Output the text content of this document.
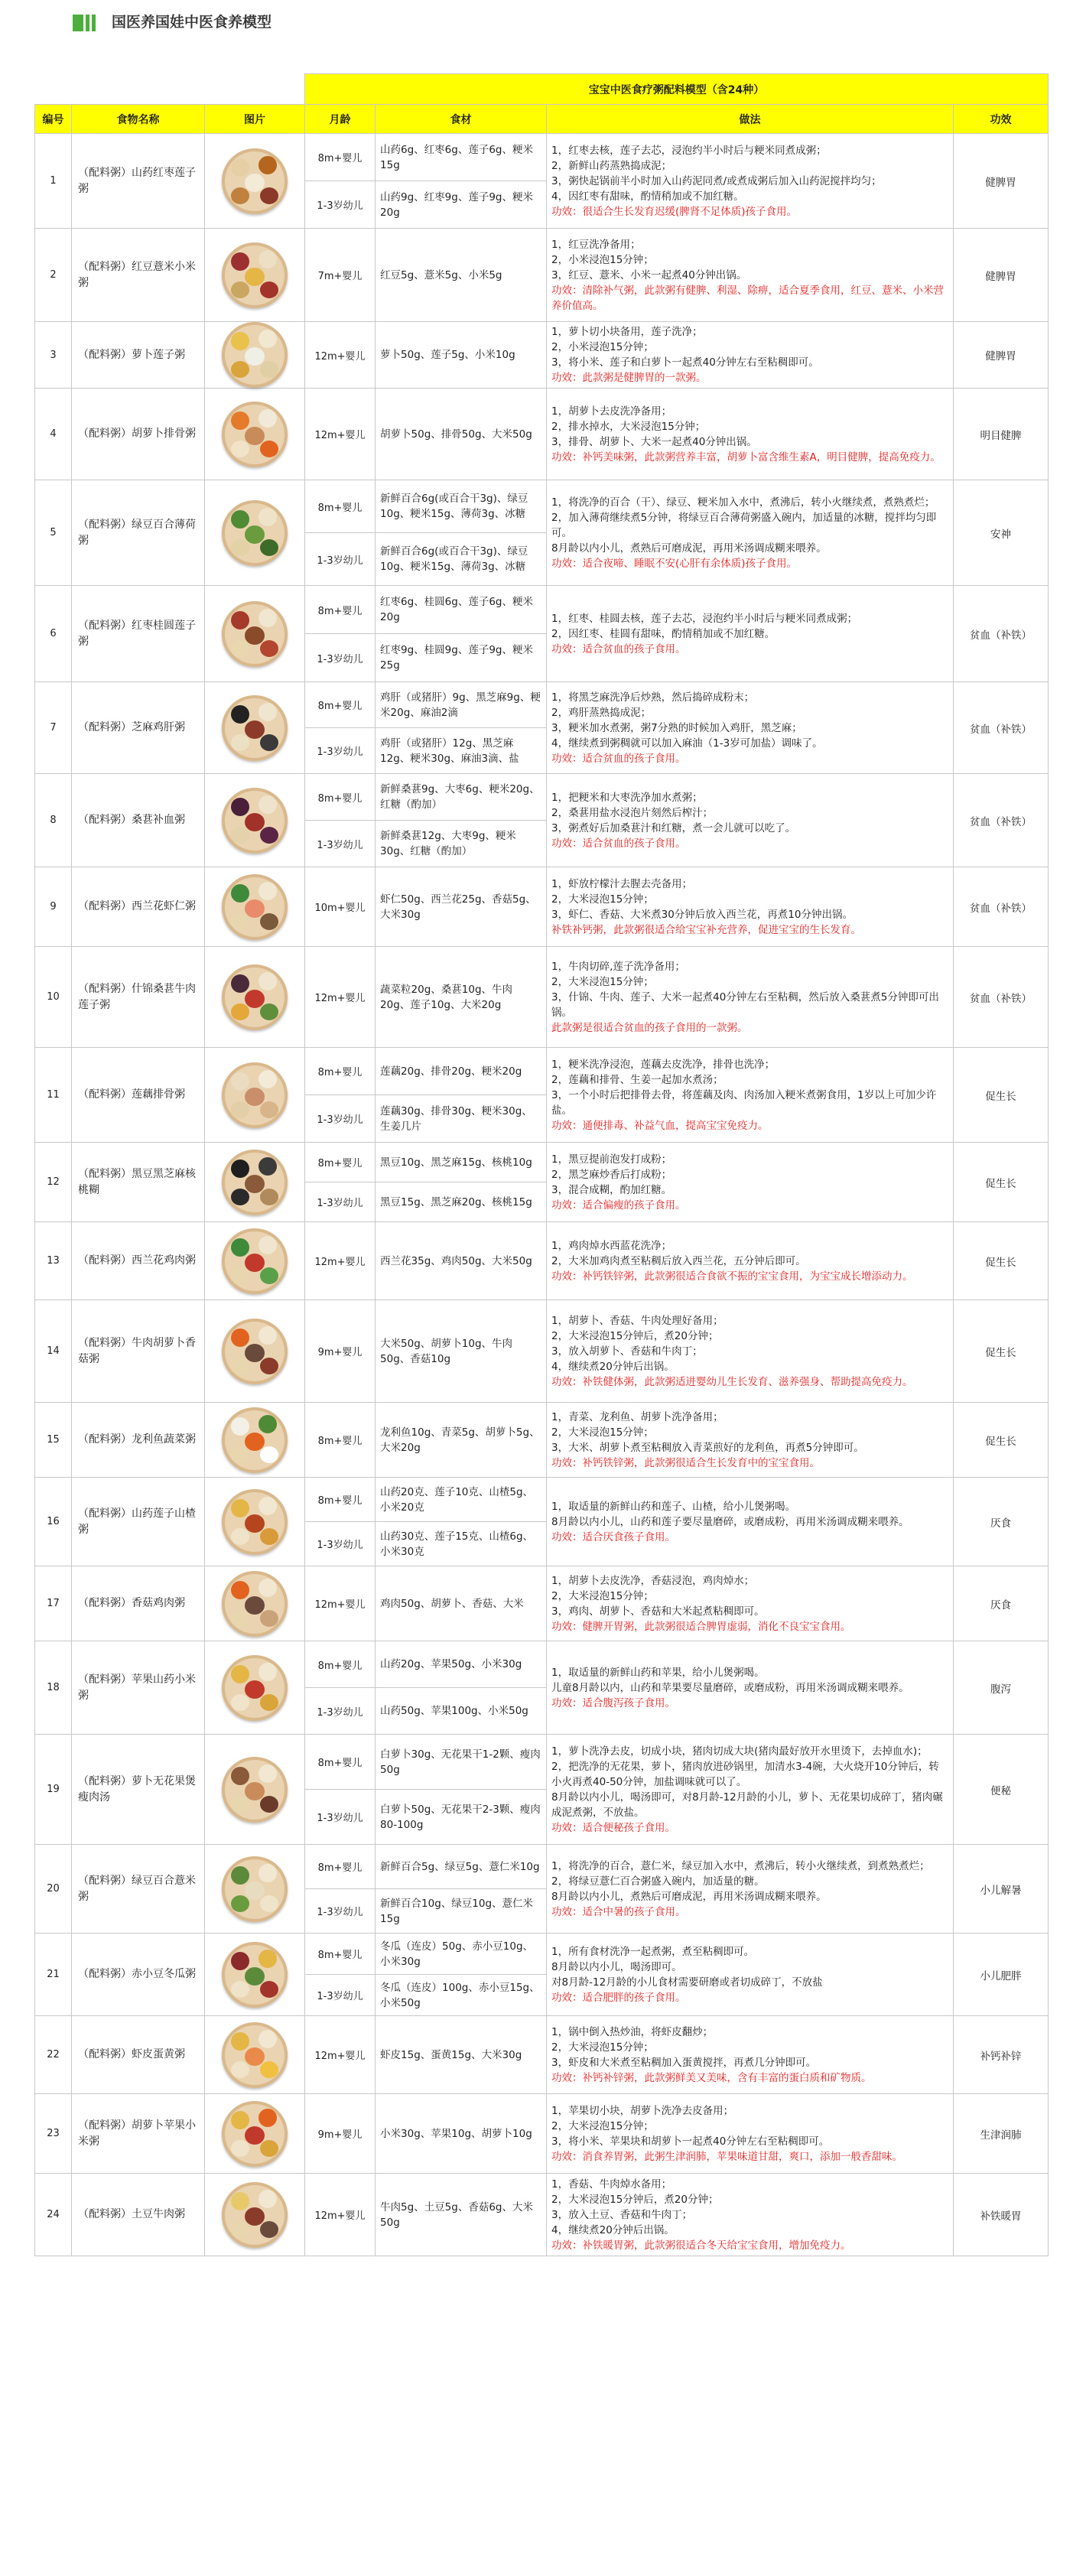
国医养国娃中医食养模型
			宝宝中医食疗粥配料模型（含24种）			
编号	食物名称	图片	月龄	食材	做法	功效
1	（配料粥）山药红枣莲子粥		8m+婴儿	山药6g、红枣6g、莲子6g、粳米15g	1，红枣去核，莲子去芯，浸泡约半小时后与粳米同煮成粥；
2，新鲜山药蒸熟捣成泥；
3，粥快起锅前半小时加入山药泥同煮/或煮成粥后加入山药泥搅拌均匀；
4，因红枣有甜味，酌情稍加或不加红糖。
功效：很适合生长发育迟缓(脾肾不足体质)孩子食用。	健脾胃
			1-3岁幼儿	山药9g、红枣9g、莲子9g、粳米20g		
2	（配料粥）红豆薏米小米粥		7m+婴儿	红豆5g、薏米5g、小米5g	1，红豆洗净备用；
2，小米浸泡15分钟；
3，红豆、薏米、小米一起煮40分钟出锅。
功效：清除补气粥，此款粥有健脾、利湿、除痹，适合夏季食用，红豆、薏米、小米营养价值高。	健脾胃
3	（配料粥）萝卜莲子粥		12m+婴儿	萝卜50g、莲子5g、小米10g	1，萝卜切小块备用，莲子洗净；
2，小米浸泡15分钟；
3，将小米、莲子和白萝卜一起煮40分钟左右至粘稠即可。
功效：此款粥是健脾胃的一款粥。	健脾胃
4	（配料粥）胡萝卜排骨粥		12m+婴儿	胡萝卜50g、排骨50g、大米50g	1，胡萝卜去皮洗净备用；
2，排水掉水，大米浸泡15分钟；
3，排骨、胡萝卜、大米一起煮40分钟出锅。
功效：补钙美味粥，此款粥营养丰富，胡萝卜富含维生素A，明目健脾，提高免疫力。	明目健脾
5	（配料粥）绿豆百合薄荷粥		8m+婴儿	新鲜百合6g(或百合干3g)、绿豆10g、粳米15g、薄荷3g、冰糖	1，将洗净的百合（干）、绿豆、粳米加入水中，煮沸后，转小火继续煮，煮熟煮烂；
2，加入薄荷继续煮5分钟，将绿豆百合薄荷粥盛入碗内，加适量的冰糖，搅拌均匀即可。
8月龄以内小儿，煮熟后可磨成泥，再用米汤调成糊来喂养。
功效：适合夜啼、睡眠不安(心肝有余体质)孩子食用。	安神
			1-3岁幼儿	新鲜百合6g(或百合干3g)、绿豆10g、粳米15g、薄荷3g、冰糖		
6	（配料粥）红枣桂圆莲子粥		8m+婴儿	红枣6g、桂圆6g、莲子6g、粳米20g	1，红枣、桂圆去核，莲子去芯，浸泡约半小时后与粳米同煮成粥；
2，因红枣、桂圆有甜味，酌情稍加或不加红糖。
功效：适合贫血的孩子食用。	贫血（补铁）
			1-3岁幼儿	红枣9g、桂圆9g、莲子9g、粳米25g		
7	（配料粥）芝麻鸡肝粥		8m+婴儿	鸡肝（或猪肝）9g、黑芝麻9g、粳米20g、麻油2滴	1，将黑芝麻洗净后炒熟，然后捣碎成粉末；
2，鸡肝蒸熟捣成泥；
3，粳米加水煮粥，粥7分熟的时候加入鸡肝，黑芝麻；
4，继续煮到粥稠就可以加入麻油（1-3岁可加盐）调味了。
功效：适合贫血的孩子食用。	贫血（补铁）
			1-3岁幼儿	鸡肝（或猪肝）12g、黑芝麻12g、粳米30g、麻油3滴、盐		
8	（配料粥）桑葚补血粥		8m+婴儿	新鲜桑葚9g、大枣6g、粳米20g、红糖（酌加）	1，把粳米和大枣洗净加水煮粥；
2，桑葚用盐水浸泡片刻然后榨汁；
3，粥煮好后加桑葚汁和红糖，煮一会儿就可以吃了。
功效：适合贫血的孩子食用。	贫血（补铁）
			1-3岁幼儿	新鲜桑葚12g、大枣9g、粳米30g、红糖（酌加）		
9	（配料粥）西兰花虾仁粥		10m+婴儿	虾仁50g、西兰花25g、香菇5g、大米30g	1，虾放柠檬汁去腥去壳备用；
2，大米浸泡15分钟；
3，虾仁、香菇、大米煮30分钟后放入西兰花，再煮10分钟出锅。
补铁补钙粥，此款粥很适合给宝宝补充营养，促进宝宝的生长发育。	贫血（补铁）
10	（配料粥）什锦桑葚牛肉莲子粥		12m+婴儿	蔬菜粒20g、桑葚10g、牛肉20g、莲子10g、大米20g	1，牛肉切碎,莲子洗净备用；
2，大米浸泡15分钟；
3，什锦、牛肉、莲子、大米一起煮40分钟左右至粘稠，然后放入桑葚煮5分钟即可出锅。
此款粥是很适合贫血的孩子食用的一款粥。	贫血（补铁）
11	（配料粥）莲藕排骨粥		8m+婴儿	莲藕20g、排骨20g、粳米20g	1，粳米洗净浸泡，莲藕去皮洗净，排骨也洗净；
2，莲藕和排骨、生姜一起加水煮汤；
3，一个小时后把排骨去骨，将莲藕及肉、肉汤加入粳米煮粥食用，1岁以上可加少许盐。
功效：通便排毒、补益气血，提高宝宝免疫力。	促生长
			1-3岁幼儿	莲藕30g、排骨30g、粳米30g、生姜几片		
12	（配料粥）黑豆黑芝麻核桃糊		8m+婴儿	黑豆10g、黑芝麻15g、核桃10g	1，黑豆提前泡发打成粉；
2，黑芝麻炒香后打成粉；
3，混合成糊，酌加红糖。
功效：适合偏瘦的孩子食用。	促生长
			1-3岁幼儿	黑豆15g、黑芝麻20g、核桃15g		
13	（配料粥）西兰花鸡肉粥		12m+婴儿	西兰花35g、鸡肉50g、大米50g	1，鸡肉焯水西蓝花洗净；
2，大米加鸡肉煮至粘稠后放入西兰花，五分钟后即可。
功效：补钙铁锌粥，此款粥很适合食欲不振的宝宝食用，为宝宝成长增添动力。	促生长
14	（配料粥）牛肉胡萝卜香菇粥		9m+婴儿	大米50g、胡萝卜10g、牛肉50g、香菇10g	1，胡萝卜、香菇、牛肉处理好备用；
2，大米浸泡15分钟后，煮20分钟；
3，放入胡萝卜、香菇和牛肉丁；
4，继续煮20分钟后出锅。
功效：补铁健体粥，此款粥适进婴幼儿生长发育、滋养强身、帮助提高免疫力。	促生长
15	（配料粥）龙利鱼蔬菜粥		8m+婴儿	龙利鱼10g、青菜5g、胡萝卜5g、大米20g	1，青菜、龙利鱼、胡萝卜洗净备用；
2，大米浸泡15分钟；
3，大米、胡萝卜煮至粘稠放入青菜煎好的龙利鱼，再煮5分钟即可。
功效：补钙铁锌粥，此款粥很适合生长发育中的宝宝食用。	促生长
16	（配料粥）山药莲子山楂粥		8m+婴儿	山药20克、莲子10克、山楂5g、小米20克	1，取适量的新鲜山药和莲子、山楂，给小儿煲粥喝。
8月龄以内小儿，山药和莲子要尽量磨碎，或磨成粉，再用米汤调成糊来喂养。
功效：适合厌食孩子食用。	厌食
			1-3岁幼儿	山药30克、莲子15克、山楂6g、小米30克		
17	（配料粥）香菇鸡肉粥		12m+婴儿	鸡肉50g、胡萝卜、香菇、大米	1，胡萝卜去皮洗净，香菇浸泡，鸡肉焯水；
2，大米浸泡15分钟；
3，鸡肉、胡萝卜、香菇和大米起煮粘稠即可。
功效：健脾开胃粥，此款粥很适合脾胃虚弱，消化不良宝宝食用。	厌食
18	（配料粥）苹果山药小米粥		8m+婴儿	山药20g、苹果50g、小米30g	1，取适量的新鲜山药和苹果，给小儿煲粥喝。
儿童8月龄以内，山药和苹果要尽量磨碎，或磨成粉，再用米汤调成糊来喂养。
功效：适合腹泻孩子食用。	腹泻
			1-3岁幼儿	山药50g、苹果100g、小米50g		
19	（配料粥）萝卜无花果煲瘦肉汤		8m+婴儿	白萝卜30g、无花果干1-2颗、瘦肉50g	1，萝卜洗净去皮，切成小块，猪肉切成大块(猪肉最好放开水里烫下，去掉血水)；
2，把洗净的无花果，萝卜，猪肉放进砂锅里，加清水3-4碗，大火烧开10分钟后，转小火再煮40-50分钟，加盐调味就可以了。
8月龄以内小儿，喝汤即可，对8月龄-12月龄的小儿，萝卜、无花果切成碎丁，猪肉碾成泥煮粥，不放盐。
功效：适合便秘孩子食用。	便秘
			1-3岁幼儿	白萝卜50g、无花果干2-3颗、瘦肉80-100g		
20	（配料粥）绿豆百合薏米粥		8m+婴儿	新鲜百合5g、绿豆5g、薏仁米10g	1，将洗净的百合，薏仁米，绿豆加入水中，煮沸后，转小火继续煮，到煮熟煮烂；
2，将绿豆薏仁百合粥盛入碗内，加适量的糖。
8月龄以内小儿，煮熟后可磨成泥，再用米汤调成糊来喂养。
功效：适合中暑的孩子食用。	小儿解暑
			1-3岁幼儿	新鲜百合10g、绿豆10g、薏仁米15g		
21	（配料粥）赤小豆冬瓜粥		8m+婴儿	冬瓜（连皮）50g、赤小豆10g、小米30g	1，所有食材洗净一起煮粥，煮至粘稠即可。
8月龄以内小儿，喝汤即可。
对8月龄-12月龄的小儿食材需要研磨或者切成碎丁，不放盐
功效：适合肥胖的孩子食用。	小儿肥胖
			1-3岁幼儿	冬瓜（连皮）100g、赤小豆15g、小米50g		
22	（配料粥）虾皮蛋黄粥		12m+婴儿	虾皮15g、蛋黄15g、大米30g	1，锅中倒入热炒油，将虾皮翻炒；
2，大米浸泡15分钟；
3，虾皮和大米煮至粘稠加入蛋黄搅拌，再煮几分钟即可。
功效：补钙补锌粥，此款粥鲜美又美味，含有丰富的蛋白质和矿物质。	补钙补锌
23	（配料粥）胡萝卜苹果小米粥		9m+婴儿	小米30g、苹果10g、胡萝卜10g	1，苹果切小块，胡萝卜洗净去皮备用；
2，大米浸泡15分钟；
3，将小米、苹果块和胡萝卜一起煮40分钟左右至粘稠即可。
功效：消食养胃粥，此粥生津润肺，苹果味道甘甜，爽口，添加一般香甜味。	生津润肺
24	（配料粥）土豆牛肉粥		12m+婴儿	牛肉5g、土豆5g、香菇6g、大米50g	1，香菇、牛肉焯水备用；
2，大米浸泡15分钟后，煮20分钟；
3，放入土豆、香菇和牛肉丁；
4，继续煮20分钟后出锅。
功效：补铁暖胃粥，此款粥很适合冬天给宝宝食用，增加免疫力。	补铁暖胃
